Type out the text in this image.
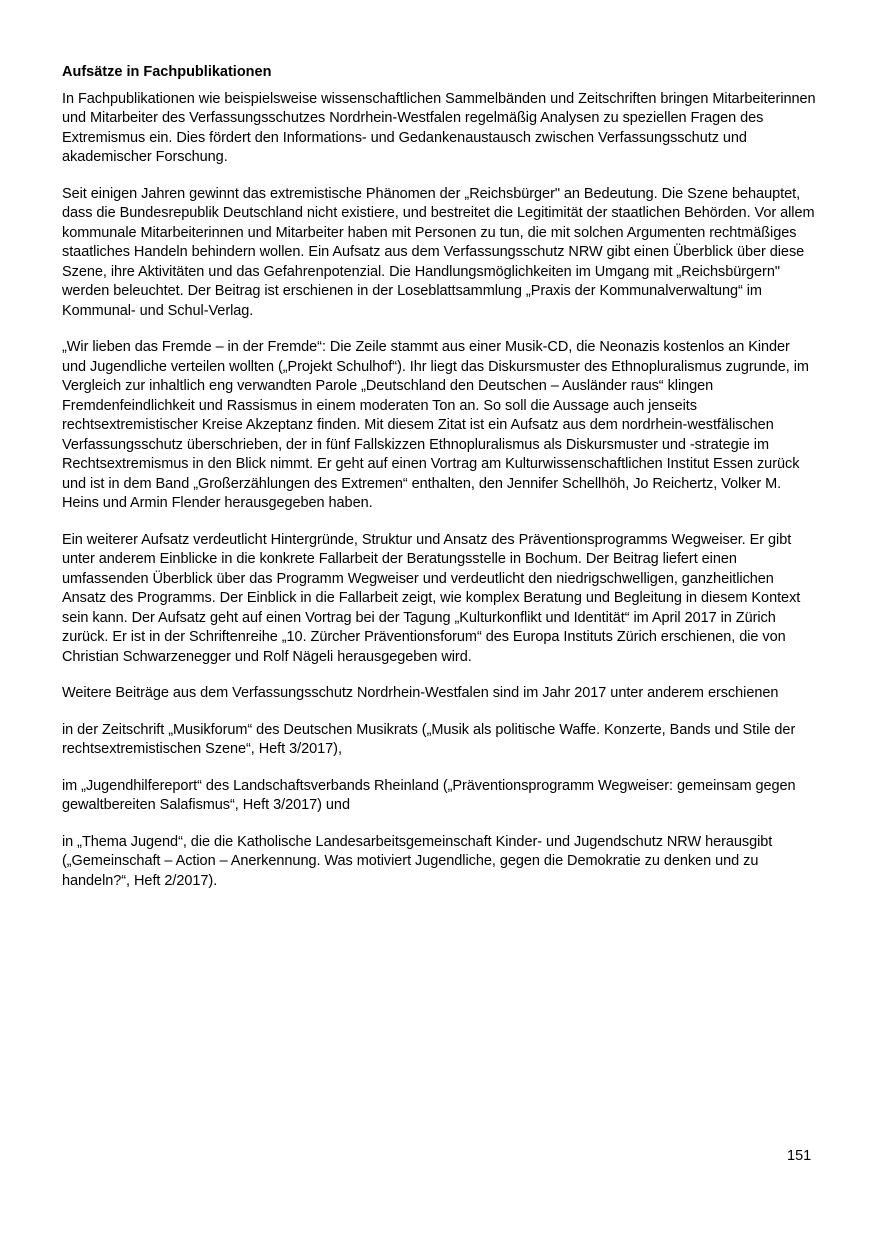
Aufsätze in Fachpublikationen

In Fachpublikationen wie beispielsweise wissenschaftlichen Sammelbänden und Zeitschriften bringen Mitarbeiterinnen und Mitarbeiter des Verfassungsschutzes Nordrhein-Westfalen regelmäßig Analysen zu speziellen Fragen des Extremismus ein. Dies fördert den Informations- und Gedankenaustausch zwischen Verfassungsschutz und akademischer Forschung.

Seit einigen Jahren gewinnt das extremistische Phänomen der „Reichsbürger" an Bedeutung. Die Szene behauptet, dass die Bundesrepublik Deutschland nicht existiere, und bestreitet die Legitimität der staatlichen Behörden. Vor allem kommunale Mitarbeiterinnen und Mitarbeiter haben mit Personen zu tun, die mit solchen Argumenten rechtmäßiges staatliches Handeln behindern wollen. Ein Aufsatz aus dem Verfassungsschutz NRW gibt einen Überblick über diese Szene, ihre Aktivitäten und das Gefahrenpotenzial. Die Handlungsmöglichkeiten im Umgang mit „Reichsbürgern" werden beleuchtet. Der Beitrag ist erschienen in der Loseblattsammlung „Praxis der Kommunalverwaltung“ im Kommunal- und Schul-Verlag.

„Wir lieben das Fremde – in der Fremde“: Die Zeile stammt aus einer Musik-CD, die Neonazis kostenlos an Kinder und Jugendliche verteilen wollten („Projekt Schulhof“). Ihr liegt das Diskursmuster des Ethnopluralismus zugrunde, im Vergleich zur inhaltlich eng verwandten Parole „Deutschland den Deutschen – Ausländer raus“ klingen Fremdenfeindlichkeit und Rassismus in einem moderaten Ton an. So soll die Aussage auch jenseits rechtsextremistischer Kreise Akzeptanz finden. Mit diesem Zitat ist ein Aufsatz aus dem nordrhein-westfälischen Verfassungsschutz überschrieben, der in fünf Fallskizzen Ethnopluralismus als Diskursmuster und -strategie im Rechtsextremismus in den Blick nimmt. Er geht auf einen Vortrag am Kulturwissenschaftlichen Institut Essen zurück und ist in dem Band „Großerzählungen des Extremen“ enthalten, den Jennifer Schellhöh, Jo Reichertz, Volker M. Heins und Armin Flender herausgegeben haben.

Ein weiterer Aufsatz verdeutlicht Hintergründe, Struktur und Ansatz des Präventionsprogramms Wegweiser. Er gibt unter anderem Einblicke in die konkrete Fallarbeit der Beratungsstelle in Bochum. Der Beitrag liefert einen umfassenden Überblick über das Programm Wegweiser und verdeutlicht den niedrigschwelligen, ganzheitlichen Ansatz des Programms. Der Einblick in die Fallarbeit zeigt, wie komplex Beratung und Begleitung in diesem Kontext sein kann. Der Aufsatz geht auf einen Vortrag bei der Tagung „Kulturkonflikt und Identität“ im April 2017 in Zürich zurück. Er ist in der Schriftenreihe „10. Zürcher Präventionsforum“ des Europa Instituts Zürich erschienen, die von Christian Schwarzenegger und Rolf Nägeli herausgegeben wird.

Weitere Beiträge aus dem Verfassungsschutz Nordrhein-Westfalen sind im Jahr 2017 unter anderem erschienen

in der Zeitschrift „Musikforum“ des Deutschen Musikrats („Musik als politische Waffe. Konzerte, Bands und Stile der rechtsextremistischen Szene“, Heft 3/2017),

im „Jugendhilfereport“ des Landschaftsverbands Rheinland („Präventionsprogramm Wegweiser: gemeinsam gegen gewaltbereiten Salafismus“, Heft 3/2017) und

in „Thema Jugend“, die die Katholische Landesarbeitsgemeinschaft Kinder- und Jugendschutz NRW herausgibt („Gemeinschaft – Action – Anerkennung. Was motiviert Jugendliche, gegen die Demokratie zu denken und zu handeln?“, Heft 2/2017).

151
